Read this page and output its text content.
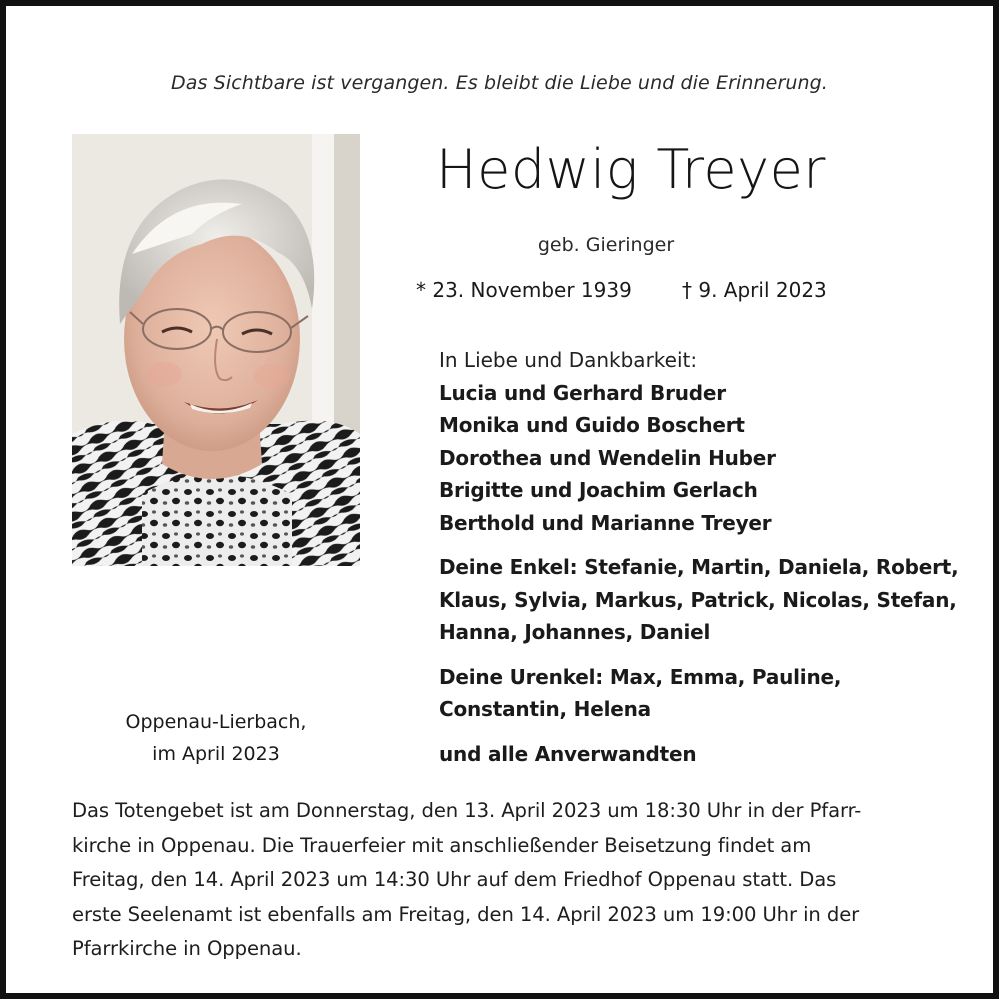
Das Sichtbare ist vergangen. Es bleibt die Liebe und die Erinnerung.
Hedwig Treyer
geb. Gieringer
* 23. November 1939	† 9. April 2023
Oppenau-Lierbach,
im April 2023
In Liebe und Dankbarkeit:
Lucia und Gerhard Bruder
Monika und Guido Boschert
Dorothea und Wendelin Huber
Brigitte und Joachim Gerlach
Berthold und Marianne Treyer
Deine Enkel: Stefanie, Martin, Daniela, Robert,
Klaus, Sylvia, Markus, Patrick, Nicolas, Stefan,
Hanna, Johannes, Daniel
Deine Urenkel: Max, Emma, Pauline,
Constantin, Helena
und alle Anverwandten
Das Totengebet ist am Donnerstag, den 13. April 2023 um 18:30 Uhr in der Pfarr-
kirche in Oppenau. Die Trauerfeier mit anschließender Beisetzung findet am
Freitag, den 14. April 2023 um 14:30 Uhr auf dem Friedhof Oppenau statt. Das
erste Seelenamt ist ebenfalls am Freitag, den 14. April 2023 um 19:00 Uhr in der
Pfarrkirche in Oppenau.
